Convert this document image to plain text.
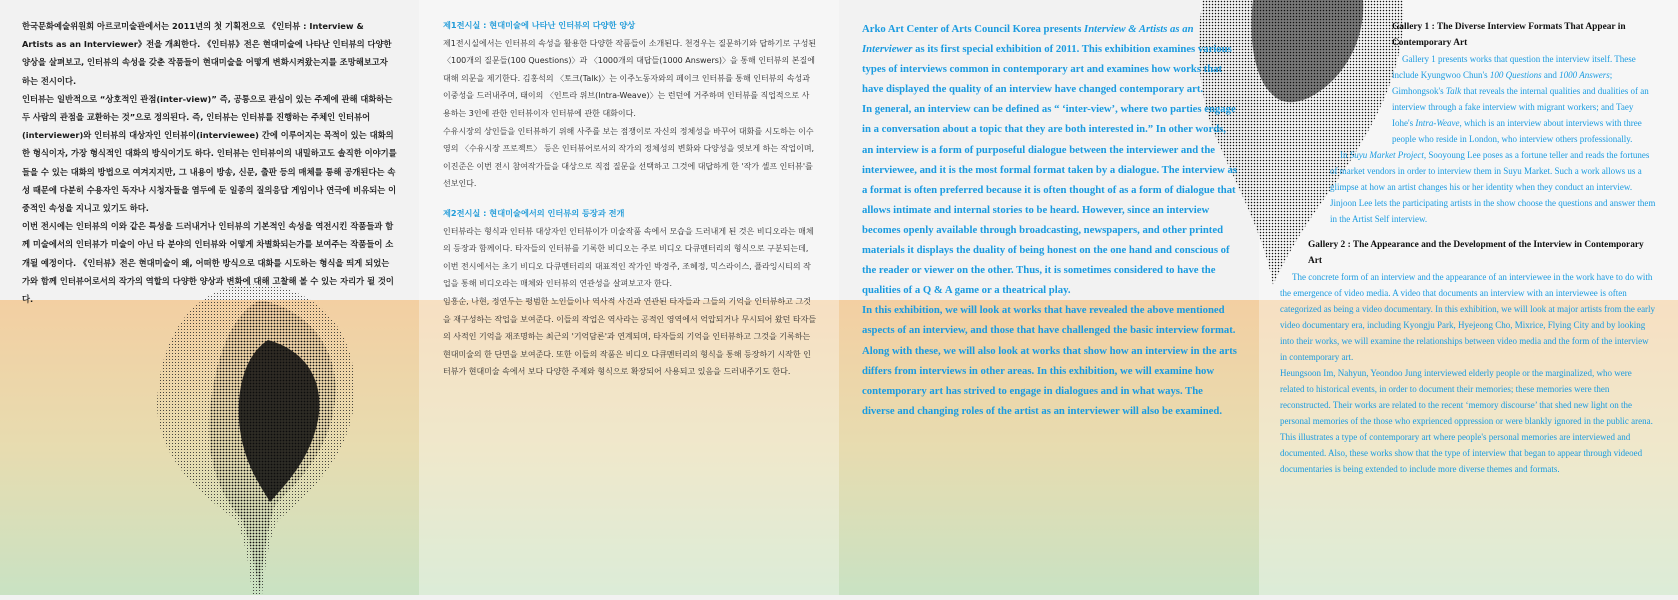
한국문화예술위원회 아르코미술관에서는 2011년의 첫 기획전으로 《인터뷰 : Interview & Artists as an Interviewer》전을 개최한다. 《인터뷰》전은 현대미술에 나타난 인터뷰의 다양한 양상을 살펴보고, 인터뷰의 속성을 갖춘 작품들이 현대미술을 어떻게 변화시켜왔는지를 조망해보고자 하는 전시이다.

인터뷰는 일반적으로 “상호적인 관점(inter-view)” 즉, 공통으로 관심이 있는 주제에 관해 대화하는 두 사람의 관점을 교환하는 것”으로 정의된다. 즉, 인터뷰는 인터뷰를 진행하는 주체인 인터뷰어(interviewer)와 인터뷰의 대상자인 인터뷰이(interviewee) 간에 이루어지는 목적이 있는 대화의 한 형식이자, 가장 형식적인 대화의 방식이기도 하다. 인터뷰는 인터뷰이의 내밀하고도 솔직한 이야기를 들을 수 있는 대화의 방법으로 여겨지지만, 그 내용이 방송, 신문, 출판 등의 매체를 통해 공개된다는 속성 때문에 다분히 수용자인 독자나 시청자들을 염두에 둔 일종의 질의응답 게임이나 연극에 비유되는 이중적인 속성을 지니고 있기도 하다.

이번 전시에는 인터뷰의 이와 같은 특성을 드러내거나 인터뷰의 기본적인 속성을 역전시킨 작품들과 함께 미술에서의 인터뷰가 미술이 아닌 타 분야의 인터뷰와 어떻게 차별화되는가를 보여주는 작품들이 소개될 예정이다. 《인터뷰》전은 현대미술이 왜, 어떠한 방식으로 대화를 시도하는 형식을 띄게 되었는가와 함께 인터뷰어로서의 작가의 역할의 다양한 양상과 변화에 대해 고찰해 볼 수 있는 자리가 될 것이다.

제1전시실 : 현대미술에 나타난 인터뷰의 다양한 양상

제1전시실에서는 인터뷰의 속성을 활용한 다양한 작품들이 소개된다. 천경우는 질문하기와 답하기로 구성된 〈100개의 질문들(100 Questions)〉과 〈1000개의 대답들(1000 Answers)〉을 통해 인터뷰의 본질에 대해 의문을 제기한다. 김홍석의 〈토크(Talk)〉는 이주노동자와의 페이크 인터뷰를 통해 인터뷰의 속성과 이중성을 드러내주며, 태이의 〈인트라 위브(Intra-Weave)〉는 런던에 거주하며 인터뷰를 직업적으로 사용하는 3인에 관한 인터뷰이자 인터뷰에 관한 대화이다.

수유시장의 상인들을 인터뷰하기 위해 사주를 보는 점쟁이로 자신의 정체성을 바꾸어 대화를 시도하는 이수영의 〈수유시장 프로젝트〉 등은 인터뷰어로서의 작가의 정체성의 변화와 다양성을 엿보게 하는 작업이며, 이진준은 이번 전시 참여작가들을 대상으로 직접 질문을 선택하고 그것에 대답하게 한 '작가 셀프 인터뷰'를 선보인다.

제2전시실 : 현대미술에서의 인터뷰의 등장과 전개

인터뷰라는 형식과 인터뷰 대상자인 인터뷰이가 미술작품 속에서 모습을 드러내게 된 것은 비디오라는 매체의 등장과 함께이다. 타자들의 인터뷰를 기록한 비디오는 주로 비디오 다큐멘터리의 형식으로 구분되는데, 이번 전시에서는 초기 비디오 다큐멘터리의 대표적인 작가인 박경주, 조혜정, 믹스라이스, 플라잉시티의 작업을 통해 비디오라는 매체와 인터뷰의 연관성을 살펴보고자 한다.

임흥순, 나현, 정연두는 평범한 노인들이나 역사적 사건과 연관된 타자들과 그들의 기억을 인터뷰하고 그것을 재구성하는 작업을 보여준다. 이들의 작업은 역사라는 공적인 영역에서 억압되거나 무시되어 왔던 타자들의 사적인 기억을 재조명하는 최근의 '기억담론'과 연계되며, 타자들의 기억을 인터뷰하고 그것을 기록하는 현대미술의 한 단면을 보여준다. 또한 이들의 작품은 비디오 다큐멘터리의 형식을 통해 등장하기 시작한 인터뷰가 현대미술 속에서 보다 다양한 주제와 형식으로 확장되어 사용되고 있음을 드러내주기도 한다.

Arko Art Center of Arts Council Korea presents Interview & Artists as an Interviewer as its first special exhibition of 2011. This exhibition examines various types of interviews common in contemporary art and examines how works that have displayed the quality of an interview have changed contemporary art.

In general, an interview can be defined as “ ‘inter-view’, where two parties engage in a conversation about a topic that they are both interested in.” In other words, an interview is a form of purposeful dialogue between the interviewer and the interviewee, and it is the most formal format taken by a dialogue. The interview as a format is often preferred because it is often thought of as a form of dialogue that allows intimate and internal stories to be heard. However, since an interview becomes openly available through broadcasting, newspapers, and other printed materials it displays the duality of being honest on the one hand and conscious of the reader or viewer on the other. Thus, it is sometimes considered to have the qualities of a Q & A game or a theatrical play.

In this exhibition, we will look at works that have revealed the above mentioned aspects of an interview, and those that have challenged the basic interview format. Along with these, we will also look at works that show how an interview in the arts differs from interviews in other areas. In this exhibition, we will examine how contemporary art has strived to engage in dialogues and in what ways. The diverse and changing roles of the artist as an interviewer will also be examined.

Gallery 1 : The Diverse Interview Formats That Appear in Contemporary Art

Gallery 1 presents works that question the interview itself. These include Kyungwoo Chun's 100 Questions and 1000 Answers; Gimhongsok's Talk that reveals the internal qualities and dualities of an interview through a fake interview with migrant workers; and Taey Iohe's Intra-Weave, which is an interview about interviews with three people who reside in London, who interview others professionally.

In Suyu Market Project, Sooyoung Lee poses as a fortune teller and reads the fortunes of market vendors in order to interview them in Suyu Market. Such a work allows us a glimpse at how an artist changes his or her identity when they conduct an interview. Jinjoon Lee lets the participating artists in the show choose the questions and answer them in the Artist Self interview.

Gallery 2 : The Appearance and the Development of the Interview in Contemporary Art

The concrete form of an interview and the appearance of an interviewee in the work have to do with the emergence of video media. A video that documents an interview with an interviewee is often categorized as being a video documentary. In this exhibition, we will look at major artists from the early video documentary era, including Kyongju Park, Hyejeong Cho, Mixrice, Flying City and by looking into their works, we will examine the relationships between video media and the form of the interview in contemporary art.

Heungsoon Im, Nahyun, Yeondoo Jung interviewed elderly people or the marginalized, who were related to historical events, in order to document their memories; these memories were then reconstructed. Their works are related to the recent ‘memory discourse’ that shed new light on the personal memories of the those who exprienced oppression or were blankly ignored in the public arena. This illustrates a type of contemporary art where people's personal memories are interviewed and documented. Also, these works show that the type of interview that began to appear through videoed documentaries is being extended to include more diverse themes and formats.
